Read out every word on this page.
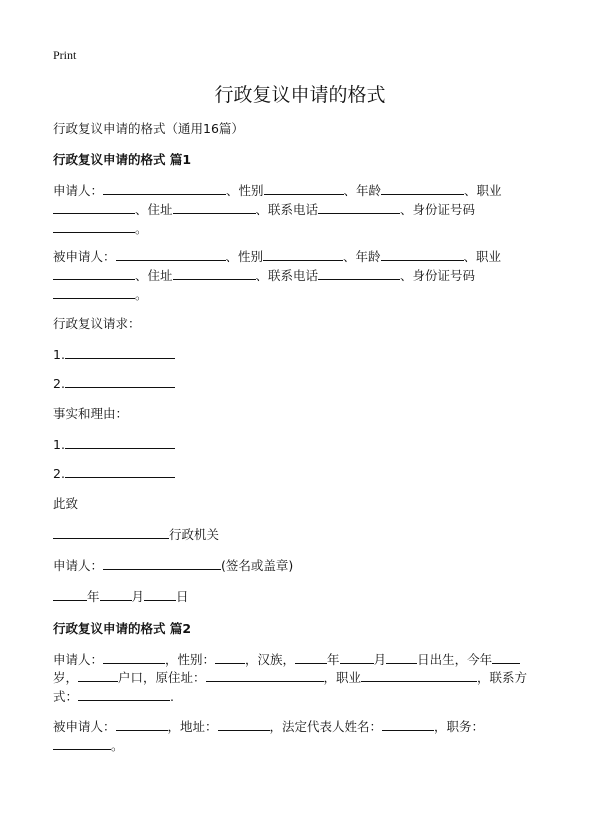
Print
行政复议申请的格式
行政复议申请的格式（通用16篇）
行政复议申请的格式 篇1
申请人：	、性别	、年龄	、职业
、住址	、联系电话	、身份证号码
。
被申请人：	、性别	、年龄	、职业
、住址	、联系电话	、身份证号码
。
行政复议请求：
1.
2.
事实和理由：
1.
2.
此致
行政机关
申请人：	(签名或盖章)
年	月	日
行政复议申请的格式 篇2
申请人：	，性别： ，汉族，	年	月 日出生，今年
岁，	户口，原住址：	，职业	，联系方
式：	.
被申请人：	，地址：	，法定代表人姓名：	，职务：
。
